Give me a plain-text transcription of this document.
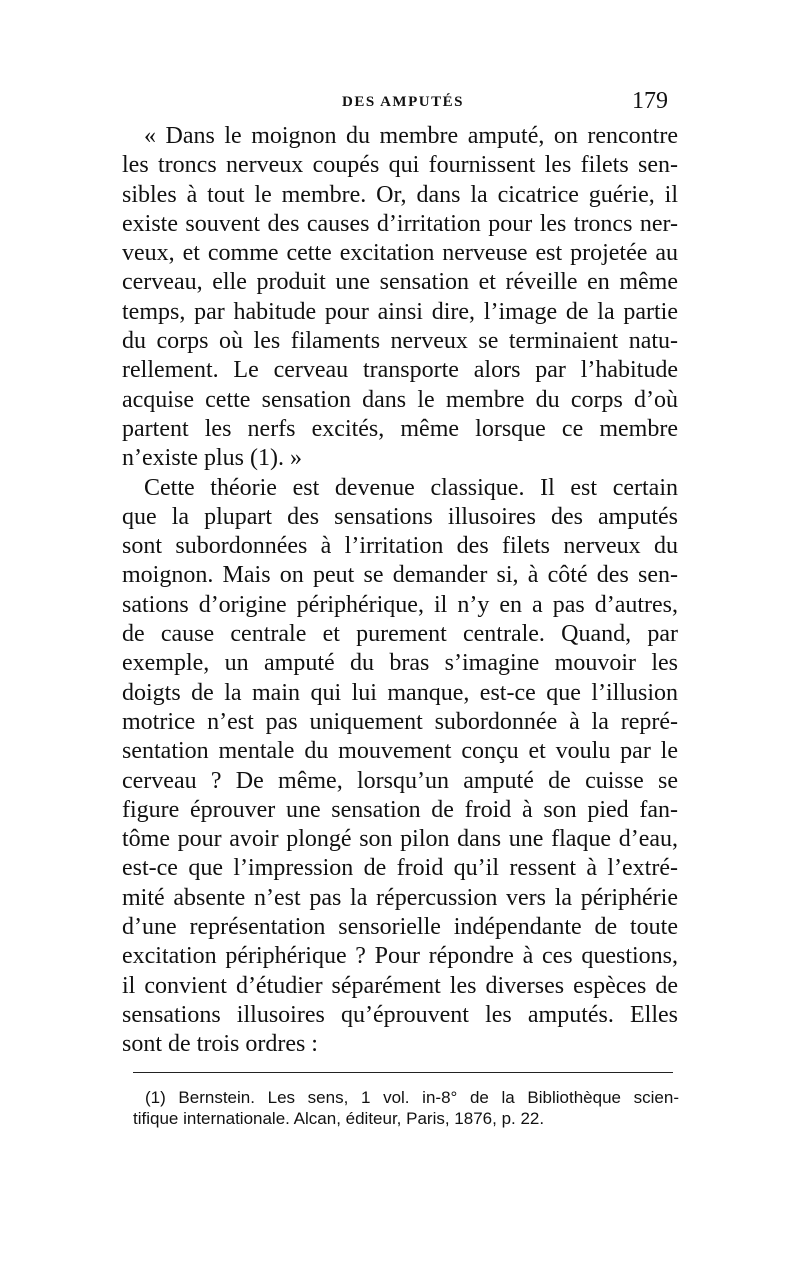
DES AMPUTÉS	179
« Dans le moignon du membre amputé, on rencontre
les troncs nerveux coupés qui fournissent les filets sen-
sibles à tout le membre. Or, dans la cicatrice guérie, il
existe souvent des causes d’irritation pour les troncs ner-
veux, et comme cette excitation nerveuse est projetée au
cerveau, elle produit une sensation et réveille en même
temps, par habitude pour ainsi dire, l’image de la partie
du corps où les filaments nerveux se terminaient natu-
rellement. Le cerveau transporte alors par l’habitude
acquise cette sensation dans le membre du corps d’où
partent les nerfs excités, même lorsque ce membre
n’existe plus (1). »
Cette théorie est devenue classique. Il est certain
que la plupart des sensations illusoires des amputés
sont subordonnées à l’irritation des filets nerveux du
moignon. Mais on peut se demander si, à côté des sen-
sations d’origine périphérique, il n’y en a pas d’autres,
de cause centrale et purement centrale. Quand, par
exemple, un amputé du bras s’imagine mouvoir les
doigts de la main qui lui manque, est-ce que l’illusion
motrice n’est pas uniquement subordonnée à la repré-
sentation mentale du mouvement conçu et voulu par le
cerveau ? De même, lorsqu’un amputé de cuisse se
figure éprouver une sensation de froid à son pied fan-
tôme pour avoir plongé son pilon dans une flaque d’eau,
est-ce que l’impression de froid qu’il ressent à l’extré-
mité absente n’est pas la répercussion vers la périphérie
d’une représentation sensorielle indépendante de toute
excitation périphérique ? Pour répondre à ces questions,
il convient d’étudier séparément les diverses espèces de
sensations illusoires qu’éprouvent les amputés. Elles
sont de trois ordres :
(1) Bernstein. Les sens, 1 vol. in-8° de la Bibliothèque scien-
tifique internationale. Alcan, éditeur, Paris, 1876, p. 22.
